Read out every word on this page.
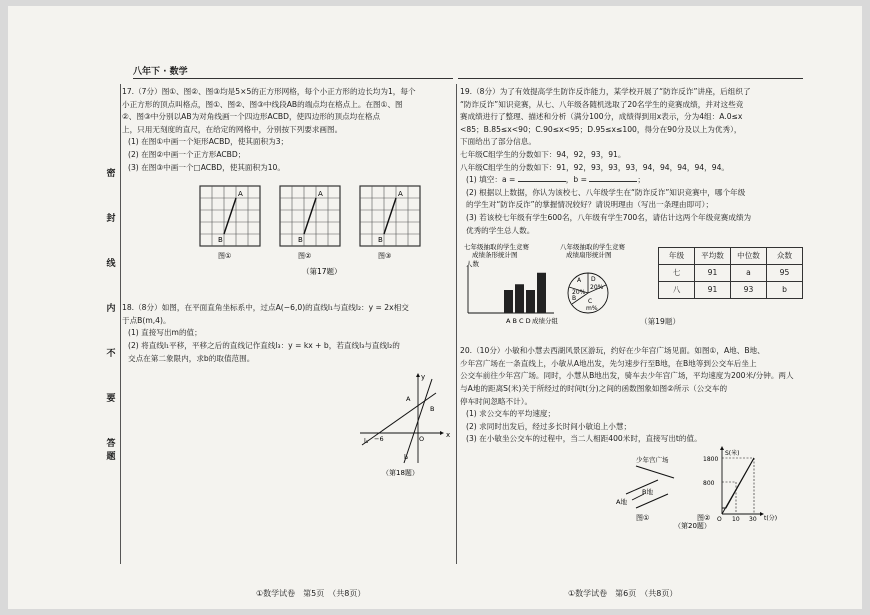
八年下 · 数学
密
封
线
内
不
要
答题

17.（7分）图①、图②、图③均是5×5的正方形网格，每个小正方形的边长均为1，每个

小正方形的顶点叫格点，图①、图②、图③中线段AB的端点均在格点上。在图①、图

②、图③中分别以AB为对角线画一个四边形ACBD，使四边形的顶点均在格点

上，只用无刻度的直尺，在给定的网格中，分别按下列要求画图。

(1) 在图①中画一个矩形ACBD，使其面积为3；

(2) 在图②中画一个正方形ACBD；

(3) 在图③中画一个□ACBD，使其面积为10。

A
B
图①
A
B
图②
A
B
图③
（第17题）

18.（8分）如图，在平面直角坐标系中，过点A(−6,0)的直线l₁与直线l₂：y = 2x相交

于点B(m,4)。

(1) 直接写出m的值；

(2) 将直线l₁平移，平移之后的直线记作直线l₃：y = kx + b，若直线l₃与直线l₂的

交点在第二象限内，求b的取值范围。

x
y
l₁ −6	O
A
B
l₂
（第18题）

19.（8分）为了有效提高学生防诈反诈能力，某学校开展了“防诈反诈”讲座，后组织了

“防诈反诈”知识竞赛，从七、八年级各随机选取了20名学生的竞赛成绩，并对这些竞

赛成绩进行了整理、描述和分析（满分100分，成绩得到用x表示，分为4组：A.0≤x

<85；B.85≤x<90；C.90≤x<95；D.95≤x≤100，得分在90分及以上为优秀），

下面给出了部分信息。

七年级C组学生的分数如下：94，92，93，91。

八年级C组学生的分数如下：91，92，93，93，93，94，94，94，94，94。

(1) 填空：a =	，b =	；

(2) 根据以上数据，你认为该校七、八年级学生在“防诈反诈”知识竞赛中，哪个年级

的学生对“防诈反诈”的掌握情况较好？请说明理由（写出一条理由即可）；

(3) 若该校七年级有学生600名，八年级有学生700名，请估计这两个年级竞赛成绩为

优秀的学生总人数。

七年级抽取的学生竞赛
成绩条形统计图
人数
A B C D 成绩分组
八年级抽取的学生竞赛
成绩扇形统计图
A D
20%
20%
B C
m%
年级	平均数	中位数	众数
七	91	a	95
八	91	93	b
（第19题）

20.（10分）小敏和小慧去西湖风景区游玩，约好在少年宫广场见面。如图①，A地、B地、

少年宫广场在一条直线上，小敏从A地出发，先匀速步行至B地，在B地等到公交车后坐上

公交车前往少年宫广场。同时，小慧从B地出发，骑车去少年宫广场，平均速度为200米/分钟。两人

与A地的距离S(米)关于所经过的时间t(分)之间的函数图象如图②所示（公交车的

停车时间忽略不计）。

(1) 求公交车的平均速度；

(2) 求同时出发后，经过多长时间小敏追上小慧；

(3) 在小敏坐公交车的过程中，当二人相距400米时，直接写出t的值。

少年宫广场
B地
A地
图①
S(米)
t(分)
1800
800
O 10 30
图②
（第20题）
①数学试卷　第5页　（共8页）	①数学试卷　第6页　（共8页）
